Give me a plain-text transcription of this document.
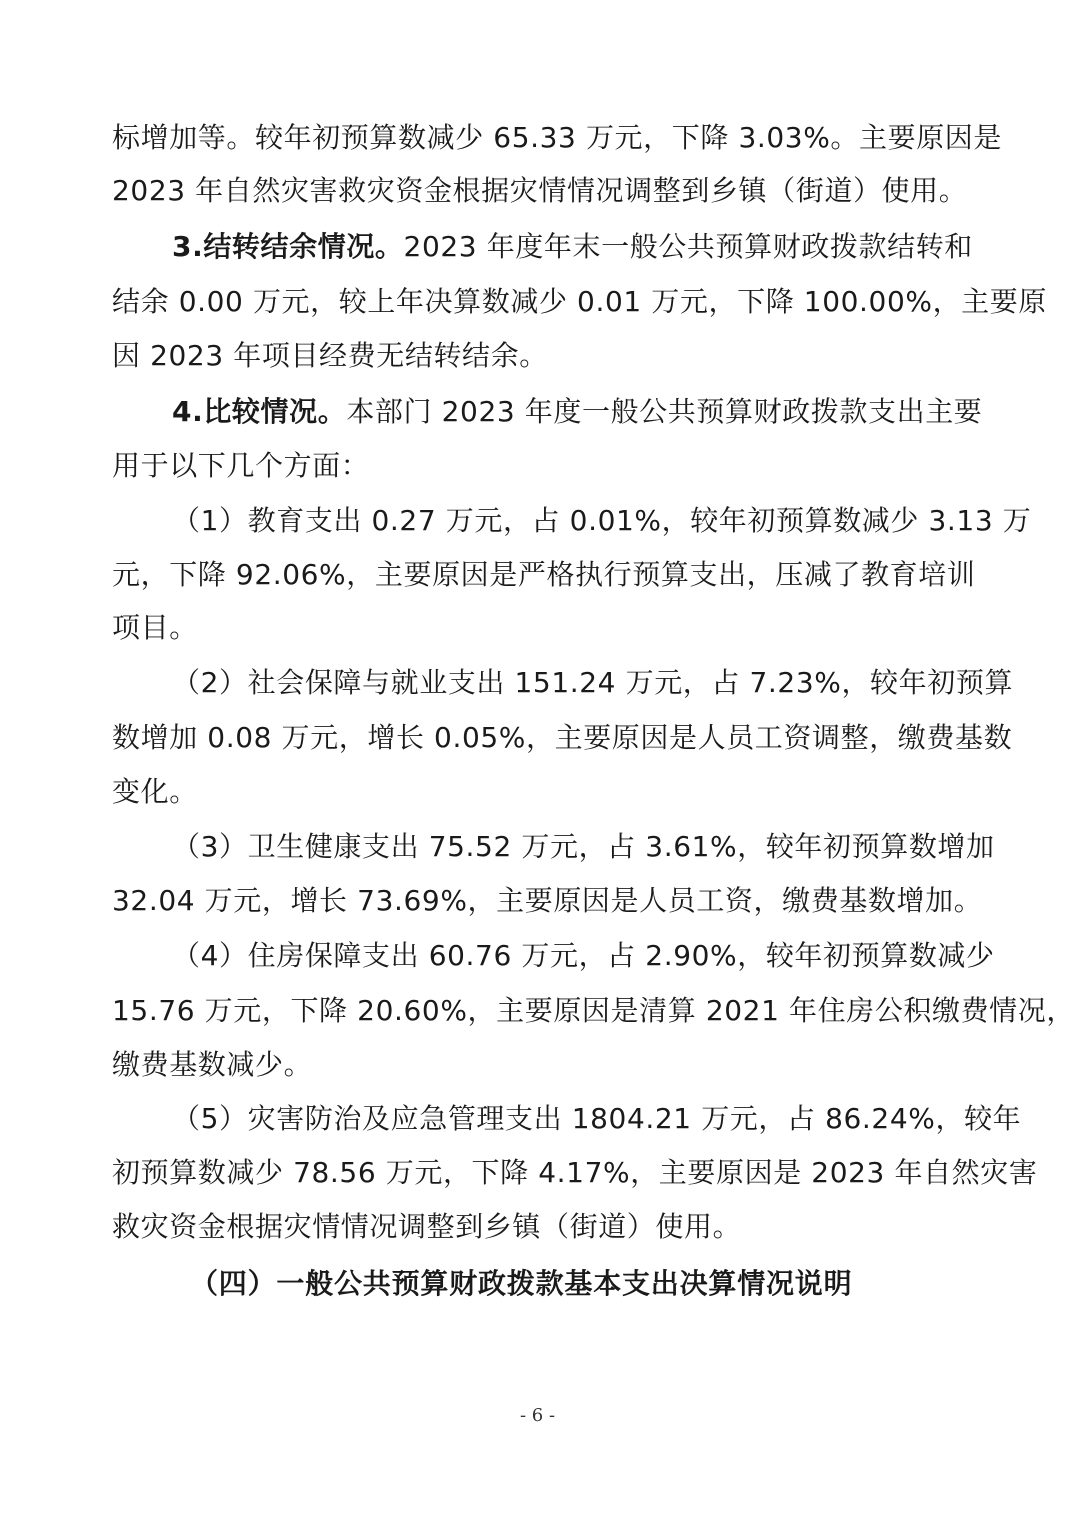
标增加等。较年初预算数减少 65.33 万元，下降 3.03%。主要原因是
2023 年自然灾害救灾资金根据灾情情况调整到乡镇（街道）使用。
3.结转结余情况。2023 年度年末一般公共预算财政拨款结转和
结余 0.00 万元，较上年决算数减少 0.01 万元，下降 100.00%，主要原
因 2023 年项目经费无结转结余。
4.比较情况。本部门 2023 年度一般公共预算财政拨款支出主要
用于以下几个方面：
（1）教育支出 0.27 万元，占 0.01%，较年初预算数减少 3.13 万
元，下降 92.06%，主要原因是严格执行预算支出，压减了教育培训
项目。
（2）社会保障与就业支出 151.24 万元，占 7.23%，较年初预算
数增加 0.08 万元，增长 0.05%，主要原因是人员工资调整，缴费基数
变化。
（3）卫生健康支出 75.52 万元，占 3.61%，较年初预算数增加
32.04 万元，增长 73.69%，主要原因是人员工资，缴费基数增加。
（4）住房保障支出 60.76 万元，占 2.90%，较年初预算数减少
15.76 万元，下降 20.60%，主要原因是清算 2021 年住房公积缴费情况，
缴费基数减少。
（5）灾害防治及应急管理支出 1804.21 万元，占 86.24%，较年
初预算数减少 78.56 万元，下降 4.17%，主要原因是 2023 年自然灾害
救灾资金根据灾情情况调整到乡镇（街道）使用。
（四）一般公共预算财政拨款基本支出决算情况说明
- 6 -
